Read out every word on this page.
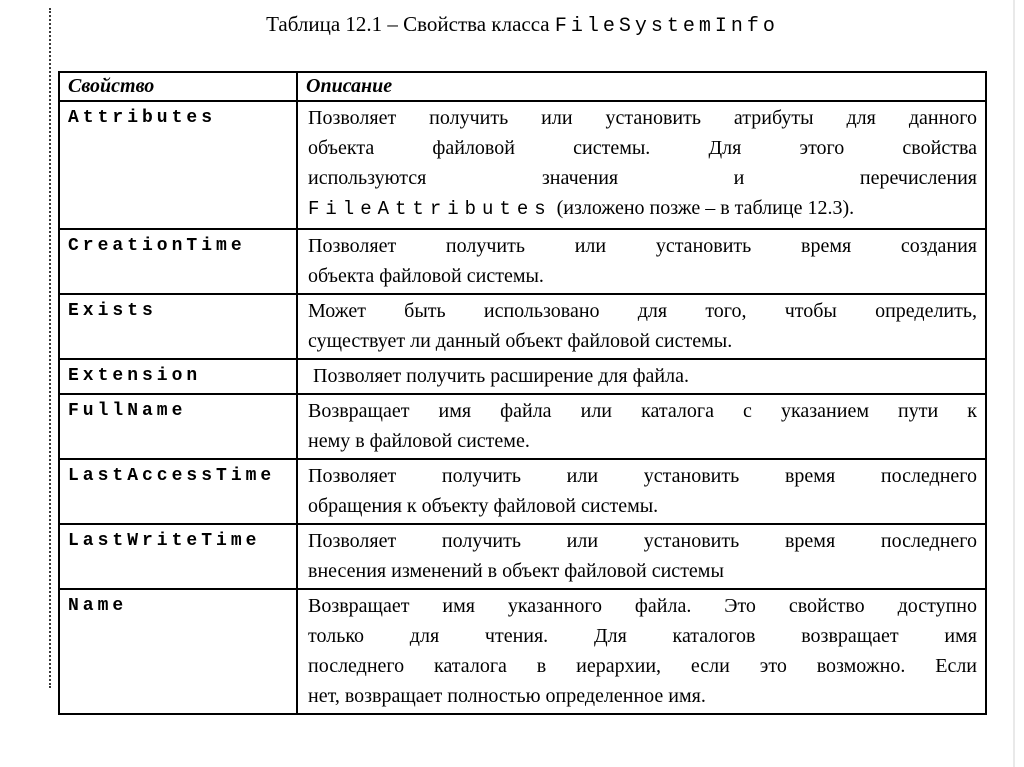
Таблица 12.1 – Свойства класса FileSystemInfo
Свойство	Описание
Attributes	Позволяет получить или установить атрибуты для данного
объекта файловой системы. Для этого свойства
используются значения и перечисления
FileAttributes (изложено позже – в таблице 12.3).

CreationTime	Позволяет получить или установить время создания
объекта файловой системы.

Exists	Может быть использовано для того, чтобы определить,
существует ли данный объект файловой системы.

Extension	Позволяет получить расширение для файла.

FullName	Возвращает имя файла или каталога с указанием пути к
нему в файловой системе.

LastAccessTime	Позволяет получить или установить время последнего
обращения к объекту файловой системы.

LastWriteTime	Позволяет получить или установить время последнего
внесения изменений в объект файловой системы

Name	Возвращает имя указанного файла. Это свойство доступно
только для чтения. Для каталогов возвращает имя
последнего каталога в иерархии, если это возможно. Если
нет, возвращает полностью определенное имя.
